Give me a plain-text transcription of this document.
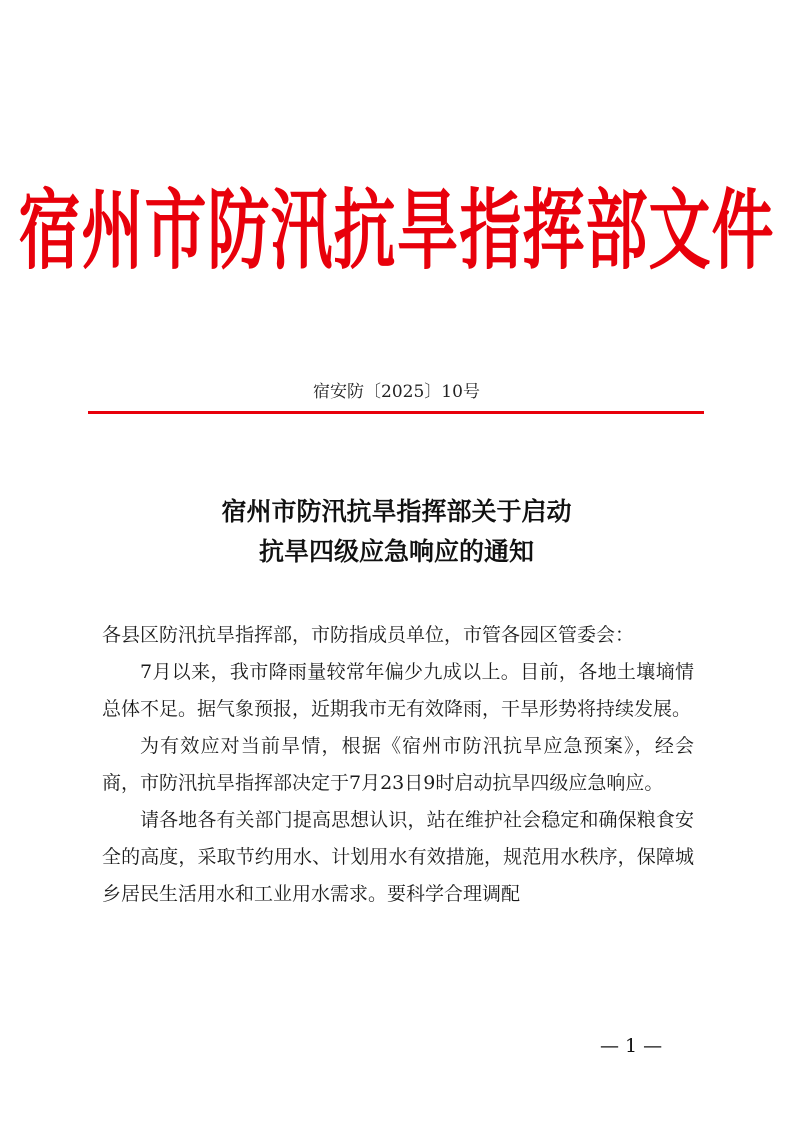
宿州市防汛抗旱指挥部文件
宿安防〔2025〕10号
宿州市防汛抗旱指挥部关于启动
抗旱四级应急响应的通知

各县区防汛抗旱指挥部，市防指成员单位，市管各园区管委会：

7月以来，我市降雨量较常年偏少九成以上。目前，各地土壤墒情总体不足。据气象预报，近期我市无有效降雨，干旱形势将持续发展。

为有效应对当前旱情，根据《宿州市防汛抗旱应急预案》，经会商，市防汛抗旱指挥部决定于7月23日9时启动抗旱四级应急响应。

请各地各有关部门提高思想认识，站在维护社会稳定和确保粮食安全的高度，采取节约用水、计划用水有效措施，规范用水秩序，保障城乡居民生活用水和工业用水需求。要科学合理调配

— 1 —
